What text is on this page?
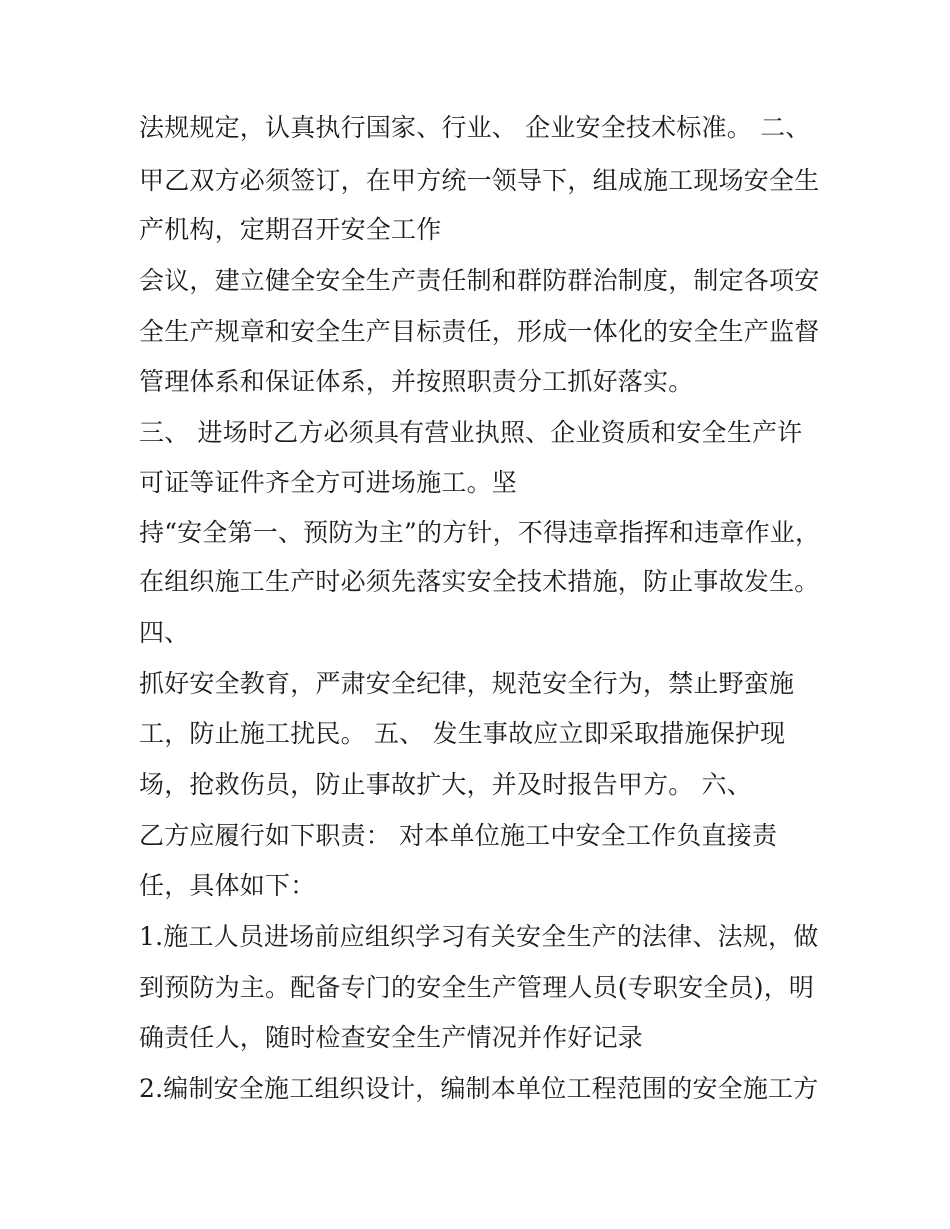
法规规定，认真执行国家、行业、 企业安全技术标准。 二、
甲乙双方必须签订，在甲方统一领导下，组成施工现场安全生
产机构，定期召开安全工作
会议，建立健全安全生产责任制和群防群治制度，制定各项安
全生产规章和安全生产目标责任，形成一体化的安全生产监督
管理体系和保证体系，并按照职责分工抓好落实。
三、 进场时乙方必须具有营业执照、企业资质和安全生产许
可证等证件齐全方可进场施工。坚
持“安全第一、预防为主”的方针，不得违章指挥和违章作业，
在组织施工生产时必须先落实安全技术措施，防止事故发生。
四、
抓好安全教育，严肃安全纪律，规范安全行为，禁止野蛮施
工，防止施工扰民。 五、 发生事故应立即采取措施保护现
场，抢救伤员，防止事故扩大，并及时报告甲方。 六、
乙方应履行如下职责： 对本单位施工中安全工作负直接责
任，具体如下：
1.施工人员进场前应组织学习有关安全生产的法律、法规，做
到预防为主。配备专门的安全生产管理人员(专职安全员)，明
确责任人，随时检查安全生产情况并作好记录
2.编制安全施工组织设计，编制本单位工程范围的安全施工方
